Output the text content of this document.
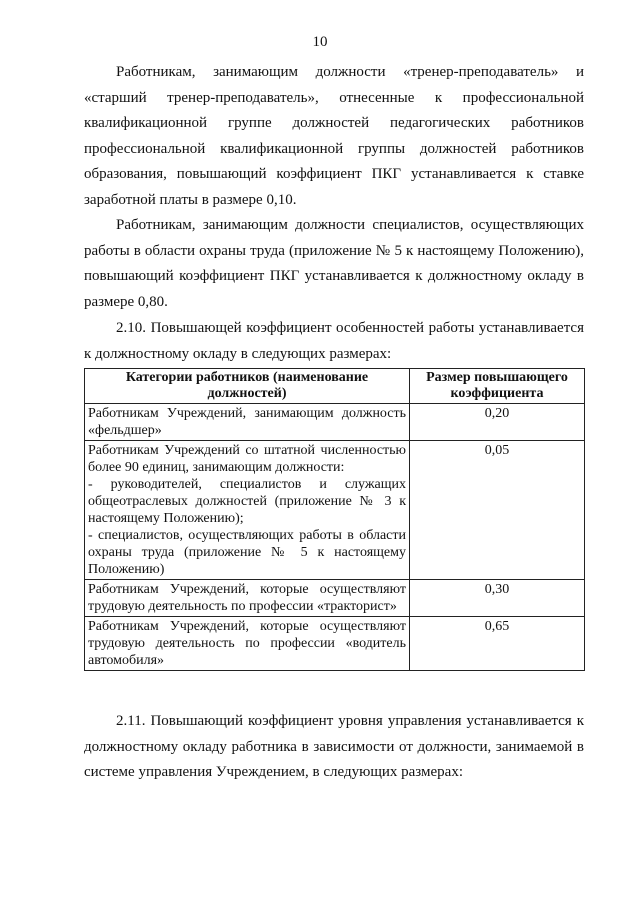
10

Работникам, занимающим должности «тренер-преподаватель» и «старший тренер-преподаватель», отнесенные к профессиональной квалификационной группе должностей педагогических работников профессиональной квалификационной группы должностей работников образования, повышающий коэффициент ПКГ устанавливается к ставке заработной платы в размере 0,10.

Работникам, занимающим должности специалистов, осуществляющих работы в области охраны труда (приложение № 5 к настоящему Положению), повышающий коэффициент ПКГ устанавливается к должностному окладу в размере 0,80.

2.10. Повышающей коэффициент особенностей работы устанавливается к должностному окладу в следующих размерах:

Категории работников (наименование должностей)	Размер повышающего коэффициента
Работникам Учреждений, занимающим должность «фельдшер»	0,20

Работникам Учреждений со штатной численностью более 90 единиц, занимающим должности:
- руководителей, специалистов и служащих общеотраслевых должностей (приложение № 3 к настоящему Положению);
- специалистов, осуществляющих работы в области охраны труда (приложение № 5 к настоящему Положению)	0,05
Работникам Учреждений, которые осуществляют трудовую деятельность по профессии «тракторист»	0,30
Работникам Учреждений, которые осуществляют трудовую деятельность по профессии «водитель автомобиля»	0,65

2.11. Повышающий коэффициент уровня управления устанавливается к должностному окладу работника в зависимости от должности, занимаемой в системе управления Учреждением, в следующих размерах:
